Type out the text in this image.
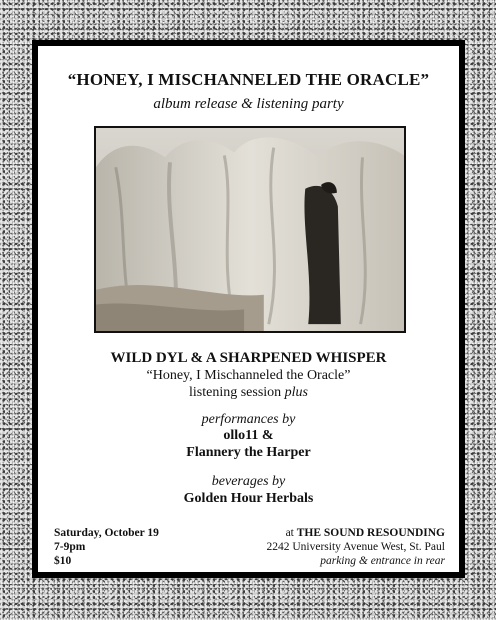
“HONEY, I MISCHANNELED THE ORACLE”
album release & listening party
WILD DYL & A SHARPENED WHISPER
“Honey, I Mischanneled the Oracle”
listening session plus
performances by
ollo11 &
Flannery the Harper
beverages by
Golden Hour Herbals
Saturday, October 19
7-9pm
$10
at THE SOUND RESOUNDING
2242 University Avenue West, St. Paul
parking & entrance in rear
